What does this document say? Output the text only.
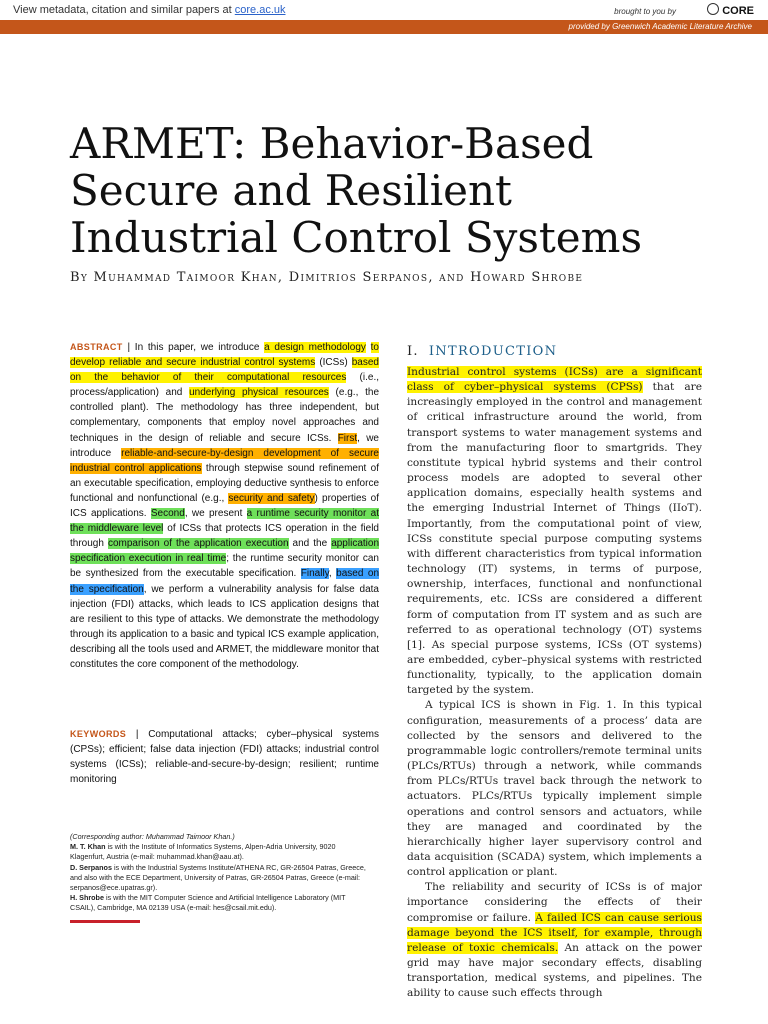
View metadata, citation and similar papers at core.ac.uk	brought to you by	CORE
provided by Greenwich Academic Literature Archive
ARMET: Behavior-Based
Secure and Resilient
Industrial Control Systems
By Muhammad Taimoor Khan, Dimitrios Serpanos, and Howard Shrobe
ABSTRACT | In this paper, we introduce a design methodology to develop reliable and secure industrial control systems (ICSs) based on the behavior of their computational resources (i.e., process/application) and underlying physical resources (e.g., the controlled plant). The methodology has three independent, but complementary, components that employ novel approaches and techniques in the design of reliable and secure ICSs. First, we introduce reliable-and-secure-by-design development of secure industrial control applications through stepwise sound refinement of an executable specification, employing deductive synthesis to enforce functional and nonfunctional (e.g., security and safety) properties of ICS applications. Second, we present a runtime security monitor at the middleware level of ICSs that protects ICS operation in the field through comparison of the application execution and the application specification execution in real time; the runtime security monitor can be synthesized from the executable specification. Finally, based on the specification, we perform a vulnerability analysis for false data injection (FDI) attacks, which leads to ICS application designs that are resilient to this type of attacks. We demonstrate the methodology through its application to a basic and typical ICS example application, describing all the tools used and ARMET, the middleware monitor that constitutes the core component of the methodology.
KEYWORDS | Computational attacks; cyber–physical systems (CPSs); efficient; false data injection (FDI) attacks; industrial control systems (ICSs); reliable-and-secure-by-design; resilient; runtime monitoring

(Corresponding author: Muhammad Taimoor Khan.)

M. T. Khan is with the Institute of Informatics Systems, Alpen-Adria University, 9020 Klagenfurt, Austria (e-mail: muhammad.khan@aau.at).

D. Serpanos is with the Industrial Systems Institute/ATHENA RC, GR-26504 Patras, Greece, and also with the ECE Department, University of Patras, GR-26504 Patras, Greece (e-mail: serpanos@ece.upatras.gr).

H. Shrobe is with the MIT Computer Science and Artificial Intelligence Laboratory (MIT CSAIL), Cambridge, MA 02139 USA (e-mail: hes@csail.mit.edu).

I. INTRODUCTION

Industrial control systems (ICSs) are a significant class of cyber–physical systems (CPSs) that are increasingly employed in the control and management of critical infrastructure around the world, from transport systems to water management systems and from the manufacturing floor to smartgrids. They constitute typical hybrid systems and their control process models are adopted to several other application domains, especially health systems and the emerging Industrial Internet of Things (IIoT). Importantly, from the computational point of view, ICSs constitute special purpose computing systems with different characteristics from typical information technology (IT) systems, in terms of purpose, ownership, interfaces, functional and nonfunctional requirements, etc. ICSs are considered a different form of computation from IT system and as such are referred to as operational technology (OT) systems [1]. As special purpose systems, ICSs (OT systems) are embedded, cyber–physical systems with restricted functionality, typically, to the application domain targeted by the system.

A typical ICS is shown in Fig. 1. In this typical configuration, measurements of a process’ data are collected by the sensors and delivered to the programmable logic controllers/remote terminal units (PLCs/RTUs) through a network, while commands from PLCs/RTUs travel back through the network to actuators. PLCs/RTUs typically implement simple operations and control sensors and actuators, while they are managed and coordinated by the hierarchically higher layer supervisory control and data acquisition (SCADA) system, which implements a control application or plant.

The reliability and security of ICSs is of major importance considering the effects of their compromise or failure. A failed ICS can cause serious damage beyond the ICS itself, for example, through release of toxic chemicals. An attack on the power grid may have major secondary effects, disabling transportation, medical systems, and pipelines. The ability to cause such effects through
